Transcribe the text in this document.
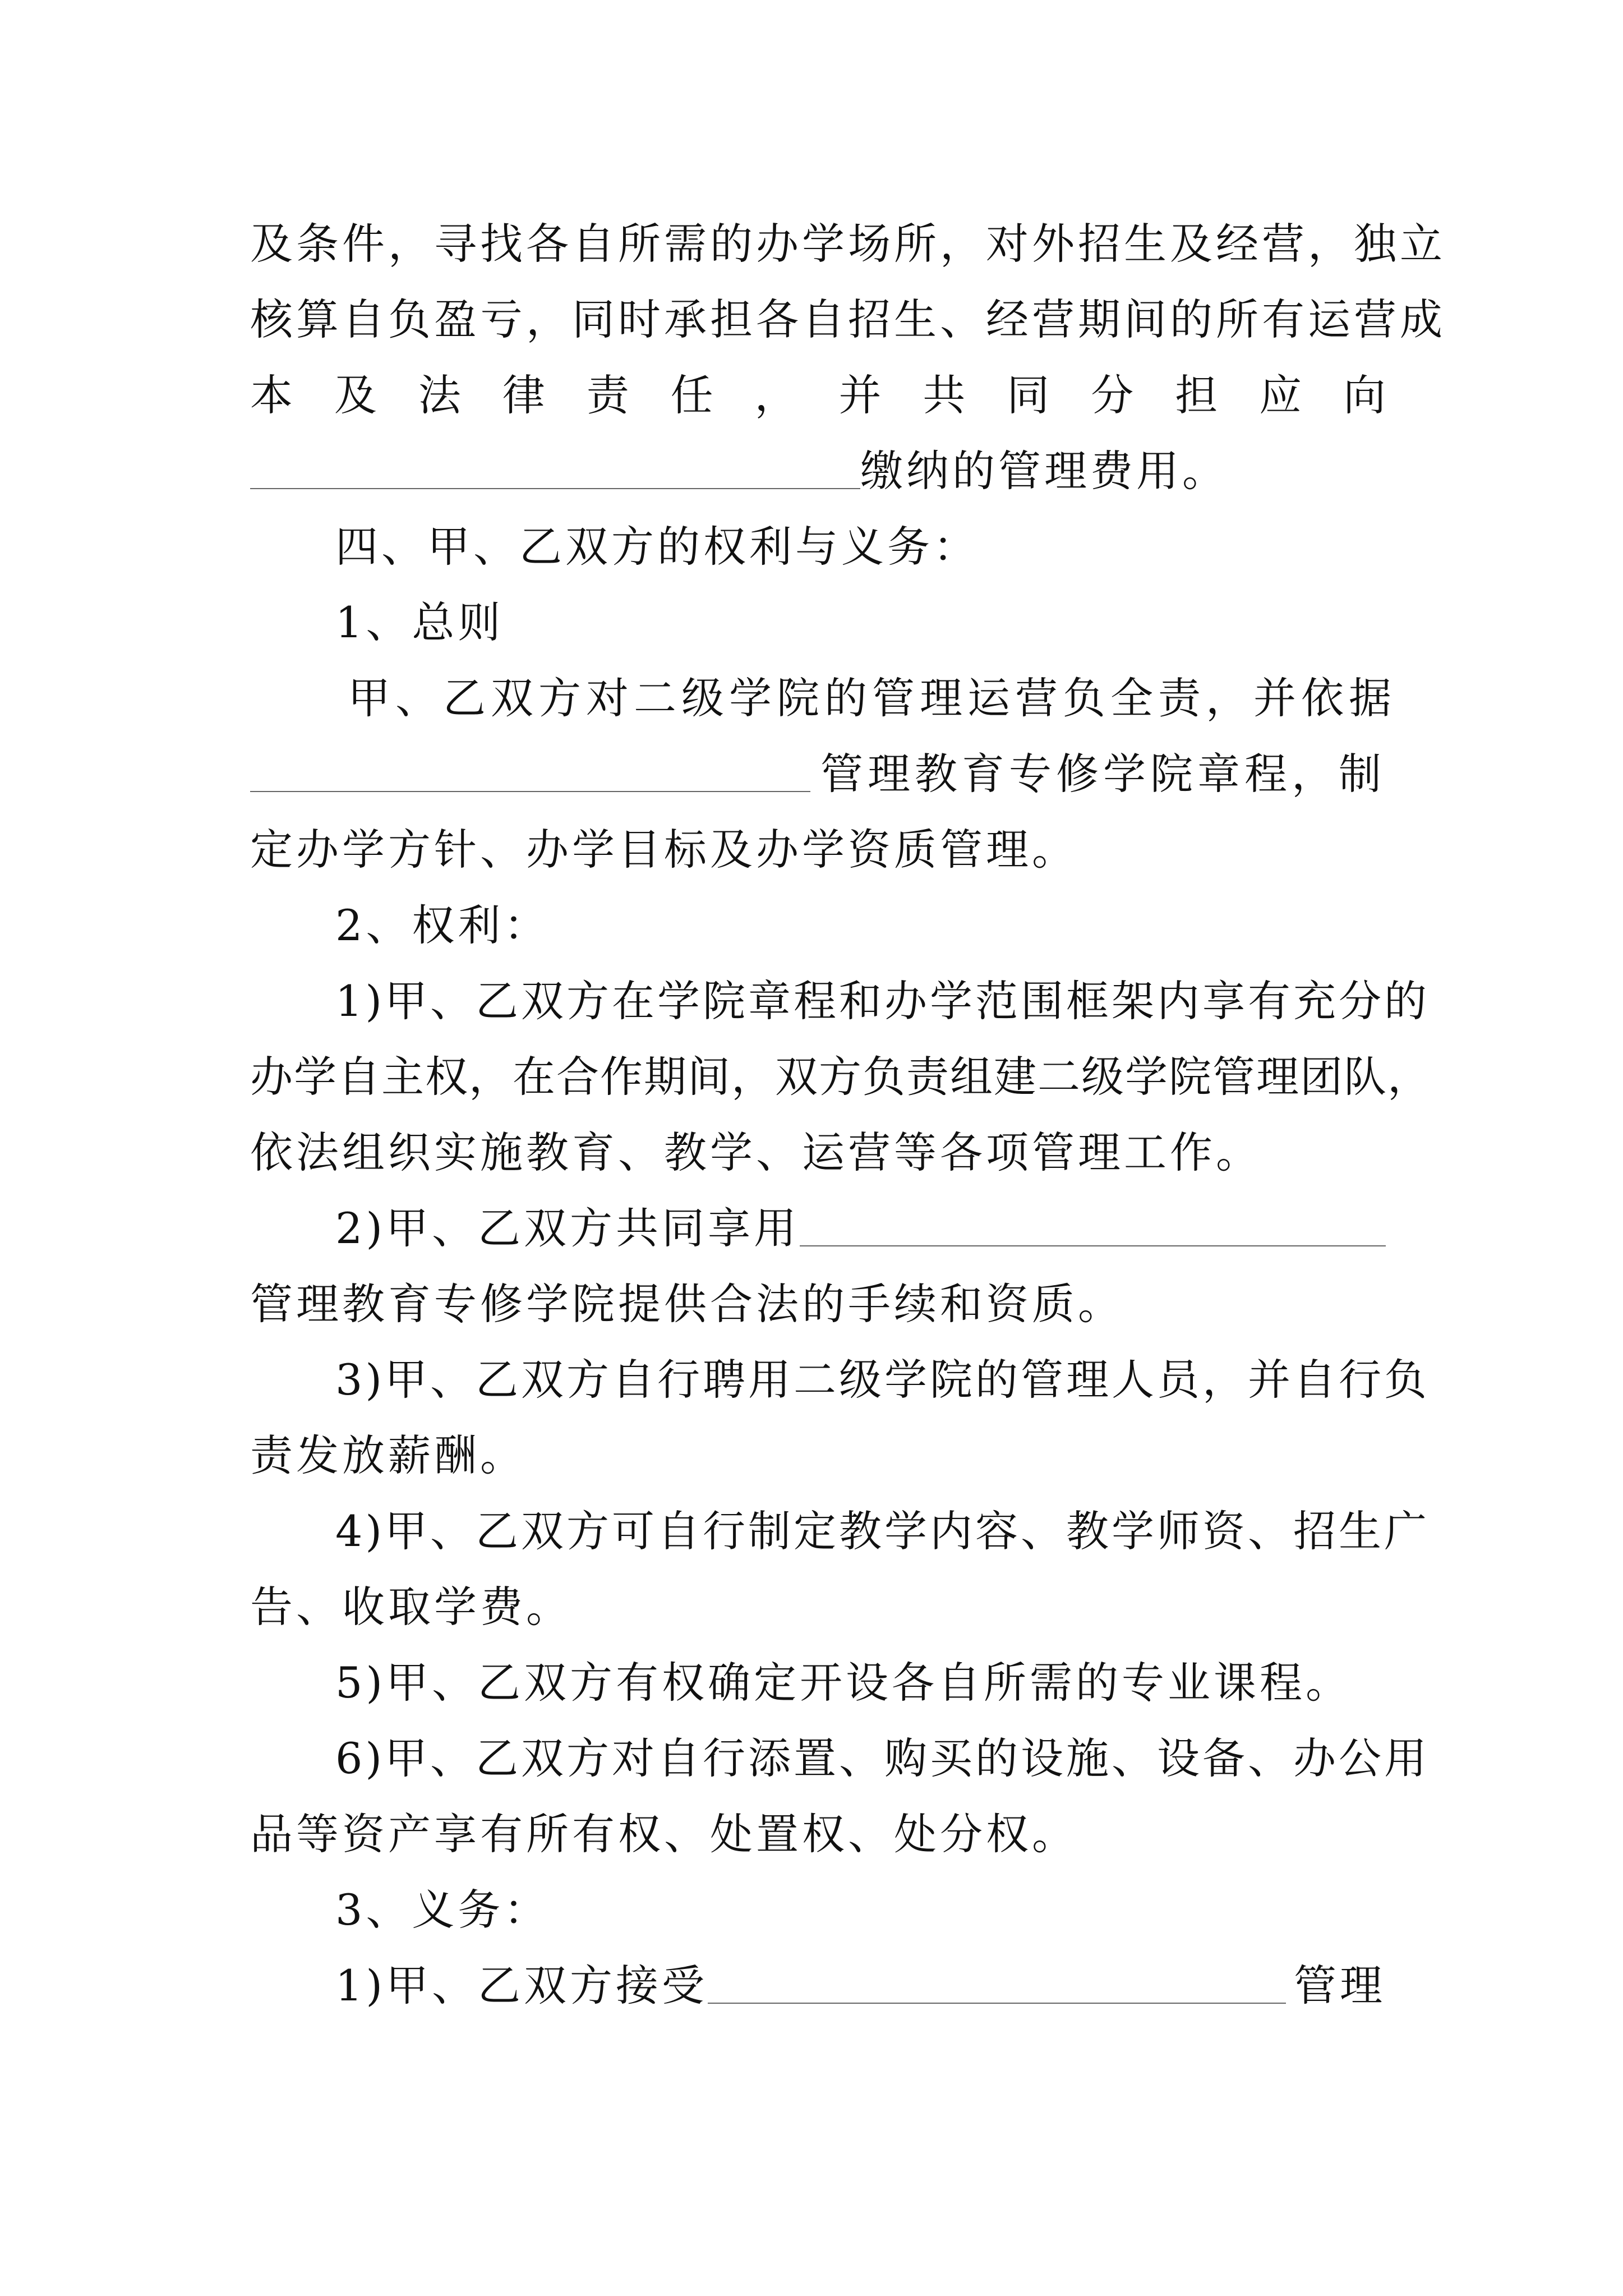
及条件，寻找各自所需的办学场所，对外招生及经营，独立
核算自负盈亏，同时承担各自招生、经营期间的所有运营成
本 及 法 律 责 任 ， 并 共 同 分 担 应 向
缴纳的管理费用。
四、甲、乙双方的权利与义务：
1、总则
甲、乙双方对二级学院的管理运营负全责，并依据
管理教育专修学院章程，制
定办学方针、办学目标及办学资质管理。
2、权利：
1)甲、乙双方在学院章程和办学范围框架内享有充分的
办学自主权，在合作期间，双方负责组建二级学院管理团队，
依法组织实施教育、教学、运营等各项管理工作。
2)甲、乙双方共同享用
管理教育专修学院提供合法的手续和资质。
3)甲、乙双方自行聘用二级学院的管理人员，并自行负
责发放薪酬。
4)甲、乙双方可自行制定教学内容、教学师资、招生广
告、收取学费。
5)甲、乙双方有权确定开设各自所需的专业课程。
6)甲、乙双方对自行添置、购买的设施、设备、办公用
品等资产享有所有权、处置权、处分权。
3、义务：
1)甲、乙双方接受	管理
